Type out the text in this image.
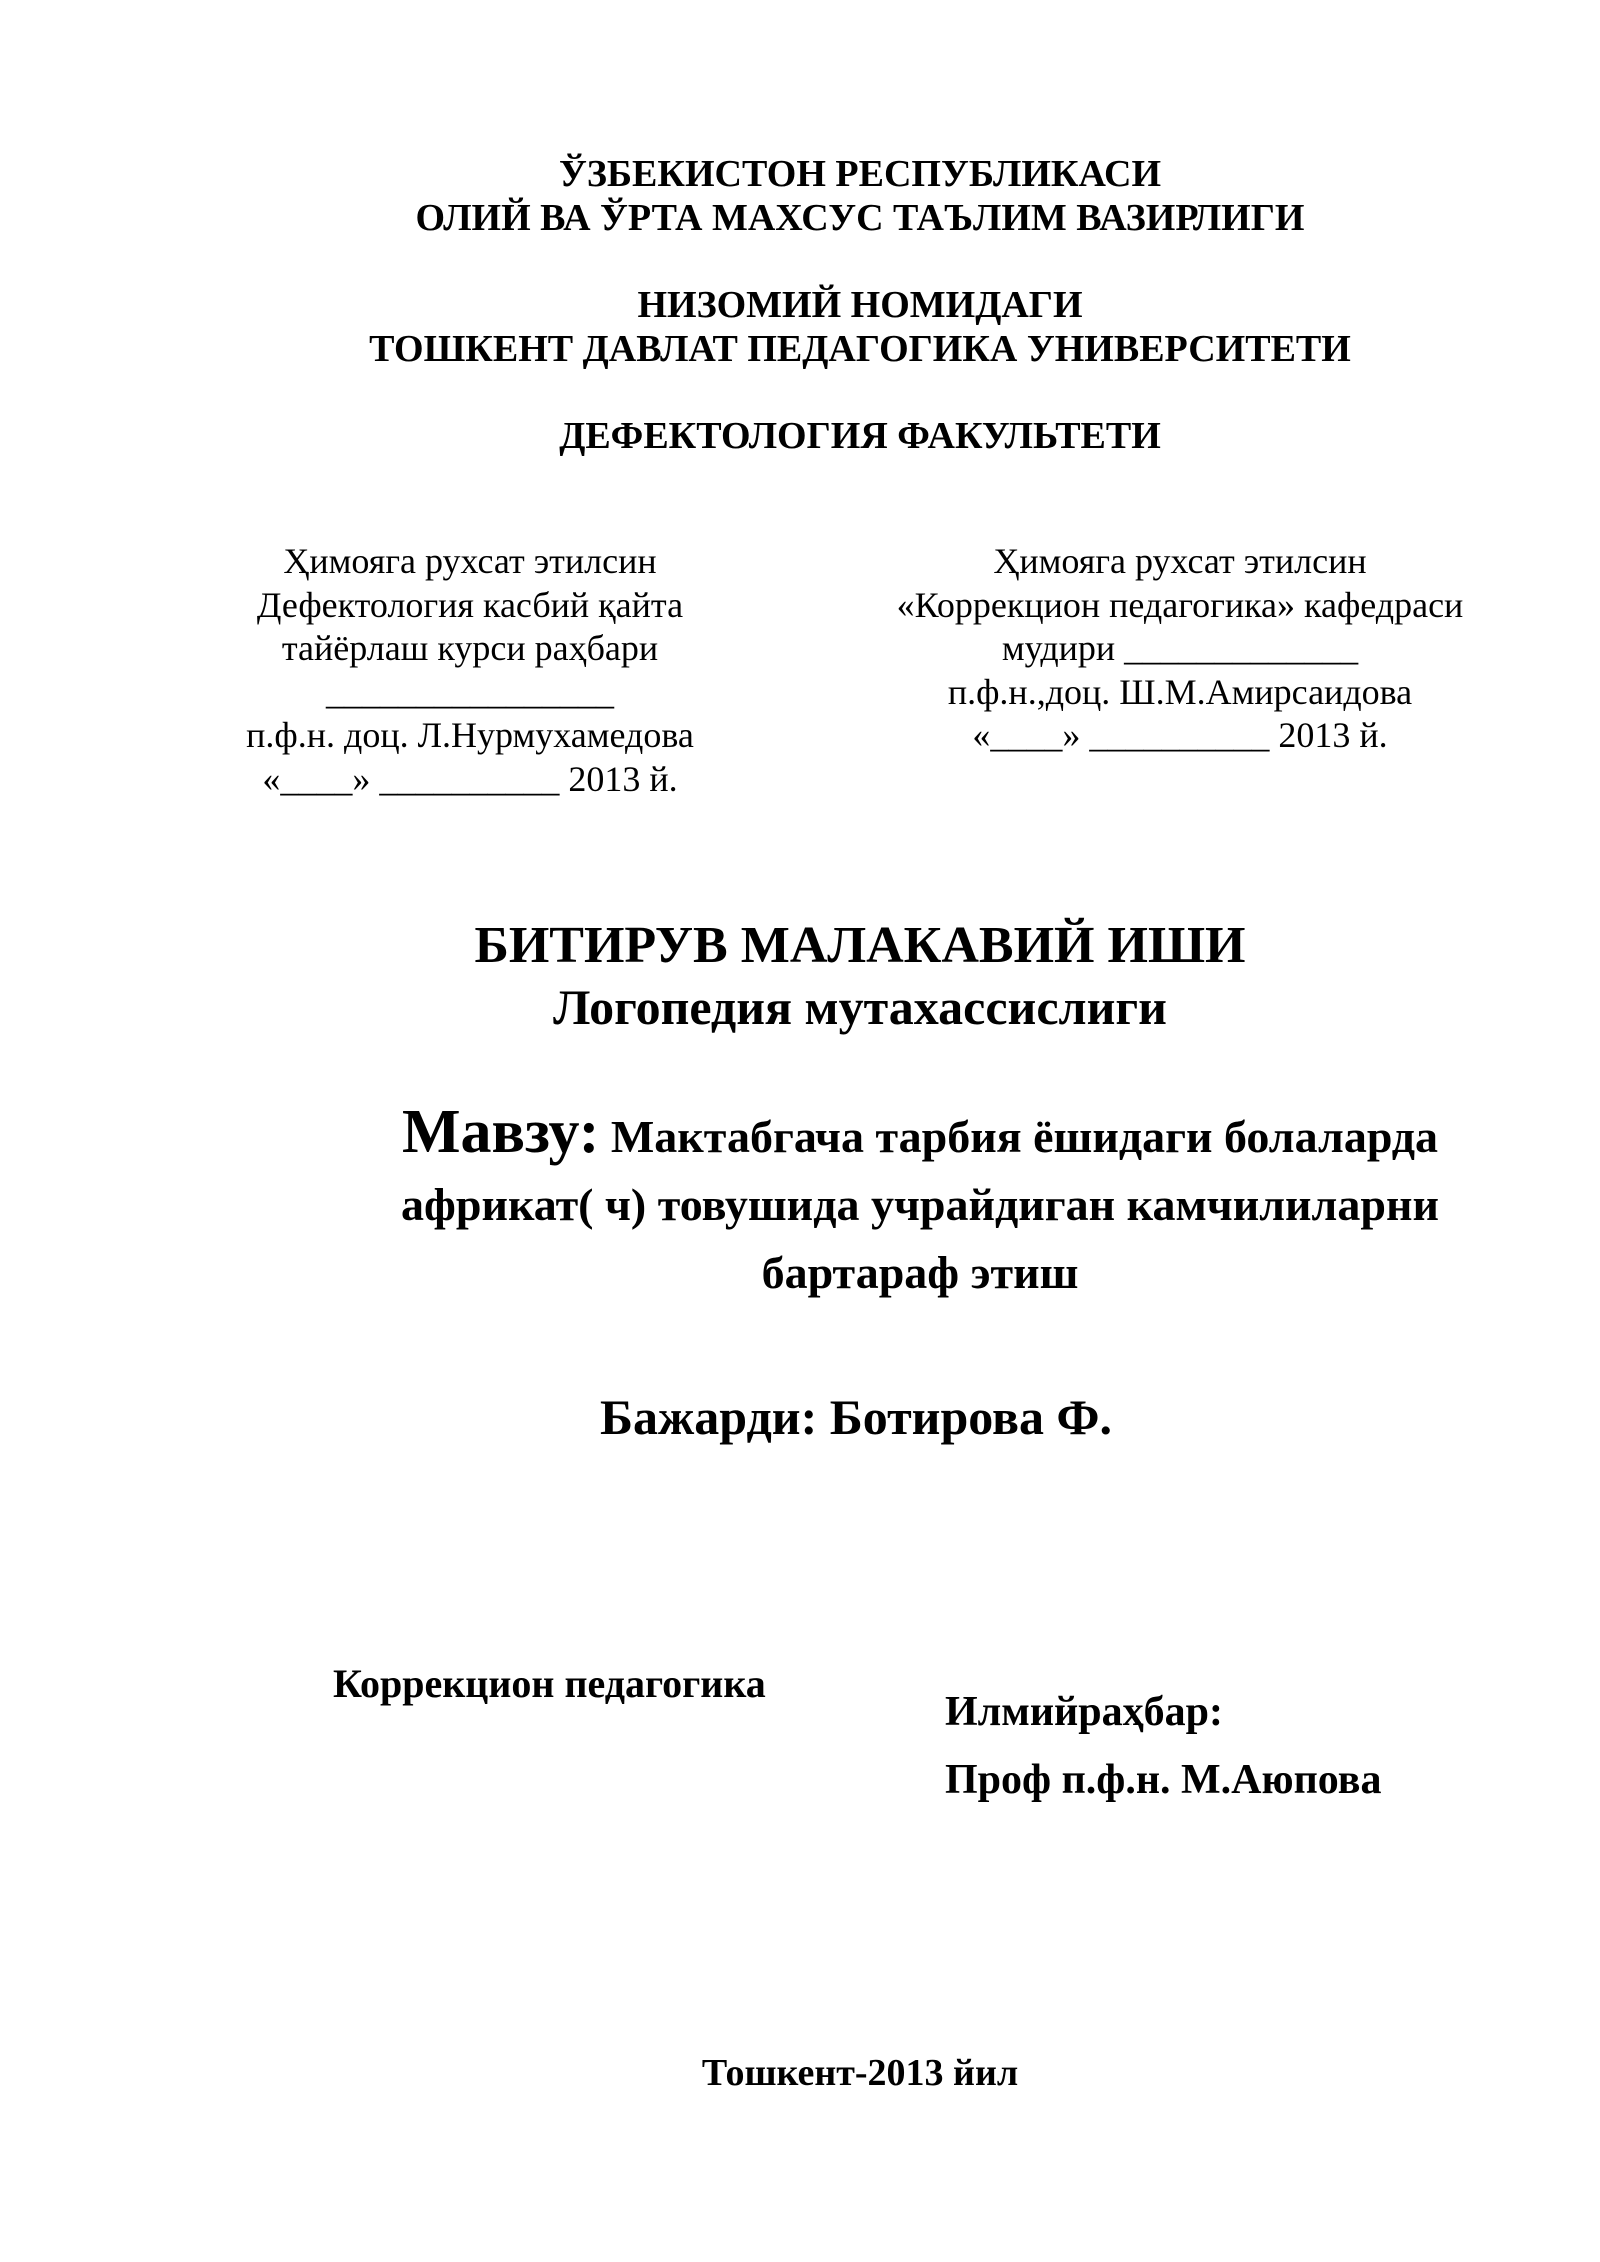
ЎЗБЕКИСТОН РЕСПУБЛИКАСИ
ОЛИЙ ВА ЎРТА МАХСУС ТАЪЛИМ ВАЗИРЛИГИ
НИЗОМИЙ НОМИДАГИ
ТОШКЕНТ ДАВЛАТ ПЕДАГОГИКА УНИВЕРСИТЕТИ
ДЕФЕКТОЛОГИЯ ФАКУЛЬТЕТИ
Ҳимояга рухсат этилсин
Дефектология касбий қайта
тайёрлаш курси раҳбари
________________
п.ф.н. доц. Л.Нурмухамедова
«____» __________ 2013 й.
Ҳимояга рухсат этилсин
«Коррекцион педагогика» кафедраси
мудири _____________
п.ф.н.,доц. Ш.М.Амирсаидова
«____» __________ 2013 й.
БИТИРУВ МАЛАКАВИЙ ИШИ
Логопедия мутахассислиги
Мавзу: Мактабгача тарбия ёшидаги болаларда африкат( ч) товушида учрайдиган камчилиларни бартараф этиш
Бажарди: Ботирова Ф.
Коррекцион педагогика
Илмийраҳбар:
Проф п.ф.н. М.Аюпова
Тошкент-2013 йил
